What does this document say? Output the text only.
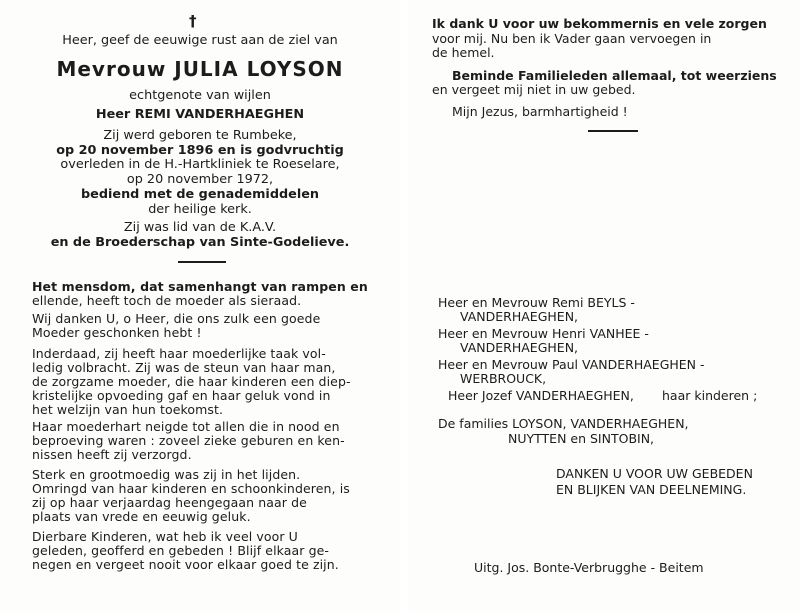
†
Heer, geef de eeuwige rust aan de ziel van
Mevrouw JULIA LOYSON
echtgenote van wijlen
Heer REMI VANDERHAEGHEN
Zij werd geboren te Rumbeke,
op 20 november 1896 en is godvruchtig
overleden in de H.-Hartkliniek te Roeselare,
op 20 november 1972,
bediend met de genademiddelen
der heilige kerk.
Zij was lid van de K.A.V.
en de Broederschap van Sinte-Godelieve.
Het mensdom, dat samenhangt van rampen en
ellende, heeft toch de moeder als sieraad.
Wij danken U, o Heer, die ons zulk een goede
Moeder geschonken hebt !
Inderdaad, zij heeft haar moederlijke taak vol-
ledig volbracht. Zij was de steun van haar man,
de zorgzame moeder, die haar kinderen een diep-
kristelijke opvoeding gaf en haar geluk vond in
het welzijn van hun toekomst.
Haar moederhart neigde tot allen die in nood en
beproeving waren : zoveel zieke geburen en ken-
nissen heeft zij verzorgd.
Sterk en grootmoedig was zij in het lijden.
Omringd van haar kinderen en schoonkinderen, is
zij op haar verjaardag heengegaan naar de
plaats van vrede en eeuwig geluk.
Dierbare Kinderen, wat heb ik veel voor U
geleden, geofferd en gebeden ! Blijf elkaar ge-
negen en vergeet nooit voor elkaar goed te zijn.
Ik dank U voor uw bekommernis en vele zorgen
voor mij. Nu ben ik Vader gaan vervoegen in
de hemel.
Beminde Familieleden allemaal, tot weerziens
en vergeet mij niet in uw gebed.
Mijn Jezus, barmhartigheid !
Heer en Mevrouw Remi BEYLS -
VANDERHAEGHEN,
Heer en Mevrouw Henri VANHEE -
VANDERHAEGHEN,
Heer en Mevrouw Paul VANDERHAEGHEN -
WERBROUCK,
Heer Jozef VANDERHAEGHEN, haar kinderen ;
De families LOYSON, VANDERHAEGHEN,
NUYTTEN en SINTOBIN,
DANKEN U VOOR UW GEBEDEN
EN BLIJKEN VAN DEELNEMING.
Uitg. Jos. Bonte-Verbrugghe - Beitem
